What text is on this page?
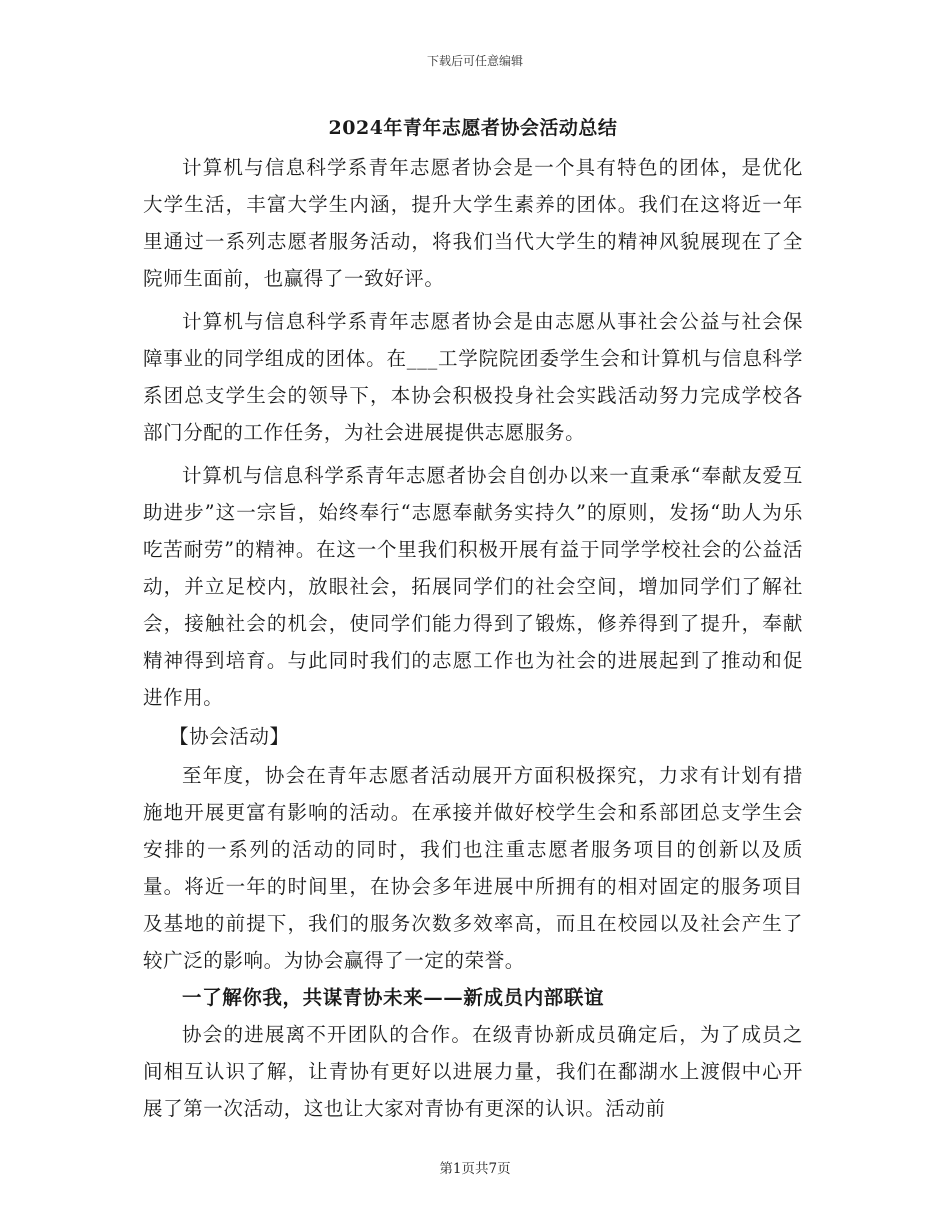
下载后可任意编辑
2024年青年志愿者协会活动总结

计算机与信息科学系青年志愿者协会是一个具有特色的团体，是优化大学生活，丰富大学生内涵，提升大学生素养的团体。我们在这将近一年里通过一系列志愿者服务活动，将我们当代大学生的精神风貌展现在了全院师生面前，也赢得了一致好评。

计算机与信息科学系青年志愿者协会是由志愿从事社会公益与社会保障事业的同学组成的团体。在___工学院院团委学生会和计算机与信息科学系团总支学生会的领导下，本协会积极投身社会实践活动努力完成学校各部门分配的工作任务，为社会进展提供志愿服务。

计算机与信息科学系青年志愿者协会自创办以来一直秉承“奉献友爱互助进步”这一宗旨，始终奉行“志愿奉献务实持久”的原则，发扬“助人为乐吃苦耐劳”的精神。在这一个里我们积极开展有益于同学学校社会的公益活动，并立足校内，放眼社会，拓展同学们的社会空间，增加同学们了解社会，接触社会的机会，使同学们能力得到了锻炼，修养得到了提升，奉献精神得到培育。与此同时我们的志愿工作也为社会的进展起到了推动和促进作用。

【协会活动】

至年度，协会在青年志愿者活动展开方面积极探究，力求有计划有措施地开展更富有影响的活动。在承接并做好校学生会和系部团总支学生会安排的一系列的活动的同时，我们也注重志愿者服务项目的创新以及质量。将近一年的时间里，在协会多年进展中所拥有的相对固定的服务项目及基地的前提下，我们的服务次数多效率高，而且在校园以及社会产生了较广泛的影响。为协会赢得了一定的荣誉。

一了解你我，共谋青协未来——新成员内部联谊

协会的进展离不开团队的合作。在级青协新成员确定后，为了成员之间相互认识了解，让青协有更好以进展力量，我们在鄱湖水上渡假中心开展了第一次活动，这也让大家对青协有更深的认识。活动前

第1页共7页
